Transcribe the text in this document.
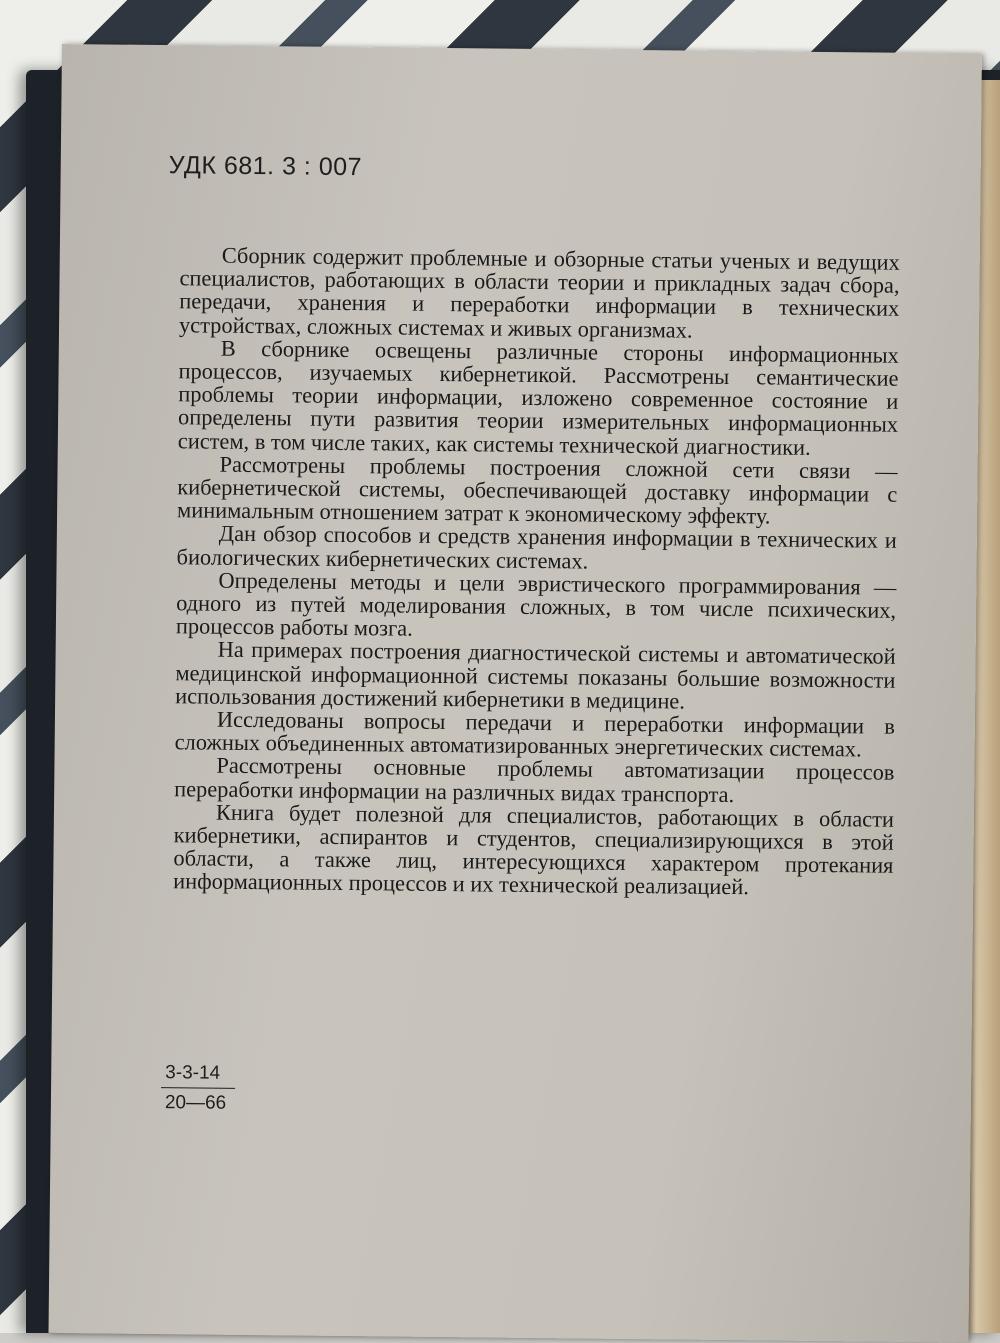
УДК 681. 3 : 007

Сборник содержит проблемные и обзорные статьи ученых и ведущих специалистов, работающих в области теории и прикладных задач сбора, передачи, хранения и переработки информации в технических устройствах, сложных системах и живых организмах.

В сборнике освещены различные стороны информационных процессов, изучаемых кибернетикой. Рассмотрены семантические проблемы теории информации, изложено современное состояние и определены пути развития теории измерительных информационных систем, в том числе таких, как системы технической диагностики.

Рассмотрены проблемы построения сложной сети связи — кибернетической системы, обеспечивающей доставку информации с минимальным отношением затрат к экономическому эффекту.

Дан обзор способов и средств хранения информации в технических и биологических кибернетических системах.

Определены методы и цели эвристического программирования — одного из путей моделирования сложных, в том числе психических, процессов работы мозга.

На примерах построения диагностической системы и автоматической медицинской информационной системы показаны большие возможности использования достижений кибернетики в медицине.

Исследованы вопросы передачи и переработки информации в сложных объединенных автоматизированных энергетических системах.

Рассмотрены основные проблемы автоматизации процессов переработки информации на различных видах транспорта.

Книга будет полезной для специалистов, работающих в области кибернетики, аспирантов и студентов, специализирующихся в этой области, а также лиц, интересующихся характером протекания информационных процессов и их технической реализацией.

3-3-14
20—66
